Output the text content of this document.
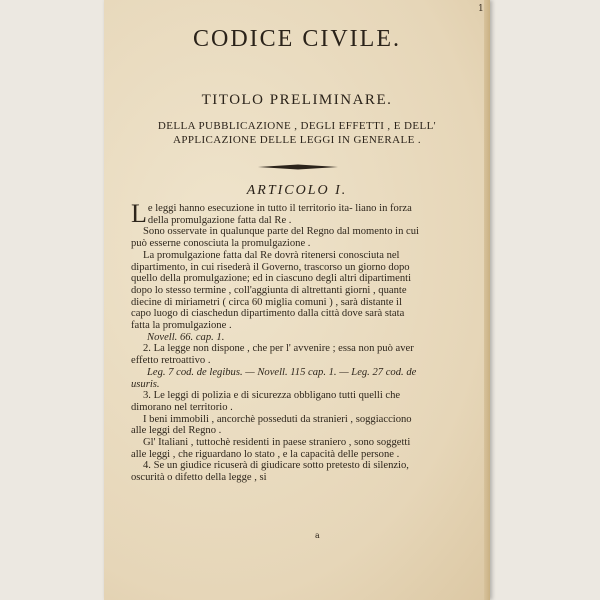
1
CODICE CIVILE.
TITOLO PRELIMINARE.
DELLA PUBBLICAZIONE , DEGLI EFFETTI , E DELL'
APPLICAZIONE DELLE LEGGI IN GENERALE .
ARTICOLO I.

Le leggi hanno esecuzione in tutto il territorio ita- liano in forza della promulgazione fatta dal Re .

Sono osservate in qualunque parte del Regno dal momento in cui può esserne conosciuta la promulgazione .

La promulgazione fatta dal Re dovrà ritenersi conosciuta nel dipartimento, in cui risederà il Governo, trascorso un giorno dopo quello della promulgazione; ed in ciascuno degli altri dipartimenti dopo lo stesso termine , coll'aggiunta di altrettanti giorni , quante diecine di miriametri ( circa 60 miglia comuni ) , sarà distante il capo luogo di ciaschedun dipartimento dalla città dove sarà stata fatta la promulgazione .

Novell. 66. cap. 1.

2. La legge non dispone , che per l' avvenire ; essa non può aver effetto retroattivo .

Leg. 7 cod. de legibus. — Novell. 115 cap. 1. — Leg. 27 cod. de usuris.

3. Le leggi di polizia e di sicurezza obbligano tutti quelli che dimorano nel territorio .

I beni immobili , ancorchè posseduti da stranieri , soggiacciono alle leggi del Regno .

Gl' Italiani , tuttochè residenti in paese straniero , sono soggetti alle leggi , che riguardano lo stato , e la capacità delle persone .

4. Se un giudice ricuserà di giudicare sotto pretesto di silenzio, oscurità o difetto della legge , si

a
